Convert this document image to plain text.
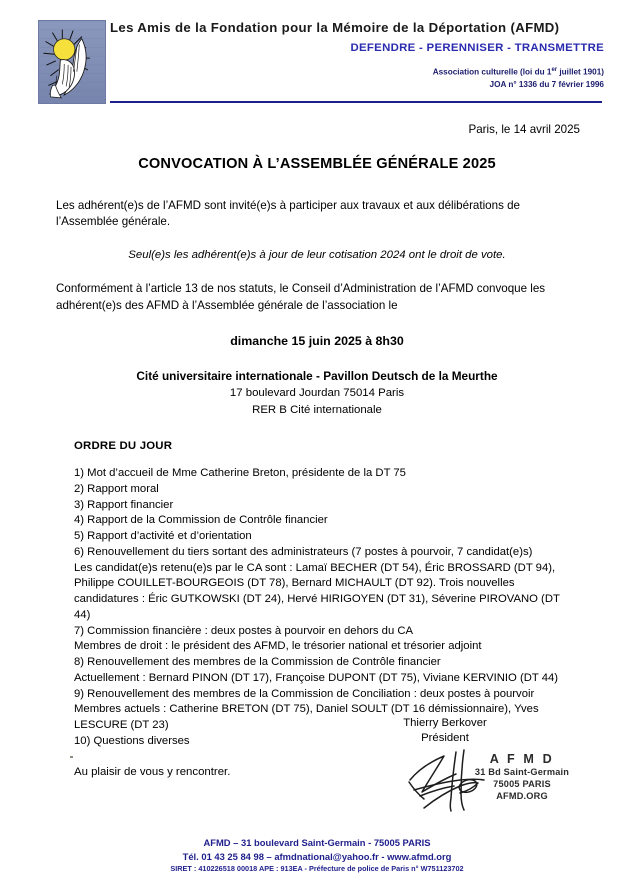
Les Amis de la Fondation pour la Mémoire de la Déportation (AFMD)
DEFENDRE - PERENNISER - TRANSMETTRE
Association culturelle (loi du 1er juillet 1901)
JOA n° 1336 du 7 février 1996
Paris, le 14 avril 2025
CONVOCATION À L’ASSEMBLÉE GÉNÉRALE 2025

Les adhérent(e)s de l’AFMD sont invité(e)s à participer aux travaux et aux délibérations de l’Assemblée générale.

Seul(e)s les adhérent(e)s à jour de leur cotisation 2024 ont le droit de vote.

Conformément à l’article 13 de nos statuts, le Conseil d’Administration de l’AFMD convoque les adhérent(e)s des AFMD à l’Assemblée générale de l’association le

dimanche 15 juin 2025 à 8h30
Cité universitaire internationale - Pavillon Deutsch de la Meurthe
17 boulevard Jourdan 75014 Paris
RER B Cité internationale
ORDRE DU JOUR
1) Mot d’accueil de Mme Catherine Breton, présidente de la DT 75
2) Rapport moral
3) Rapport financier
4) Rapport de la Commission de Contrôle financier
5) Rapport d’activité et d’orientation
6) Renouvellement du tiers sortant des administrateurs (7 postes à pourvoir, 7 candidat(e)s)
Les candidat(e)s retenu(e)s par le CA sont : Lamaï BECHER (DT 54), Éric BROSSARD (DT 94), Philippe COUILLET-BOURGEOIS (DT 78), Bernard MICHAULT (DT 92). Trois nouvelles candidatures : Éric GUTKOWSKI (DT 24), Hervé HIRIGOYEN (DT 31), Séverine PIROVANO (DT 44)
7) Commission financière : deux postes à pourvoir en dehors du CA
Membres de droit : le président des AFMD, le trésorier national et trésorier adjoint
8) Renouvellement des membres de la Commission de Contrôle financier
Actuellement : Bernard PINON (DT 17), Françoise DUPONT (DT 75), Viviane KERVINIO (DT 44)
9) Renouvellement des membres de la Commission de Conciliation : deux postes à pourvoir Membres actuels : Catherine BRETON (DT 75), Daniel SOULT (DT 16 démissionnaire), Yves LESCURE (DT 23)
10) Questions diverses
Au plaisir de vous y rencontrer.
Thierry Berkover
Président
A F M D
31 Bd Saint-Germain
75005 PARIS
AFMD.ORG
AFMD – 31 boulevard Saint-Germain - 75005 PARIS
Tél. 01 43 25 84 98 – afmdnational@yahoo.fr - www.afmd.org
SIRET : 410226518 00018 APE : 913EA - Préfecture de police de Paris n° W751123702
